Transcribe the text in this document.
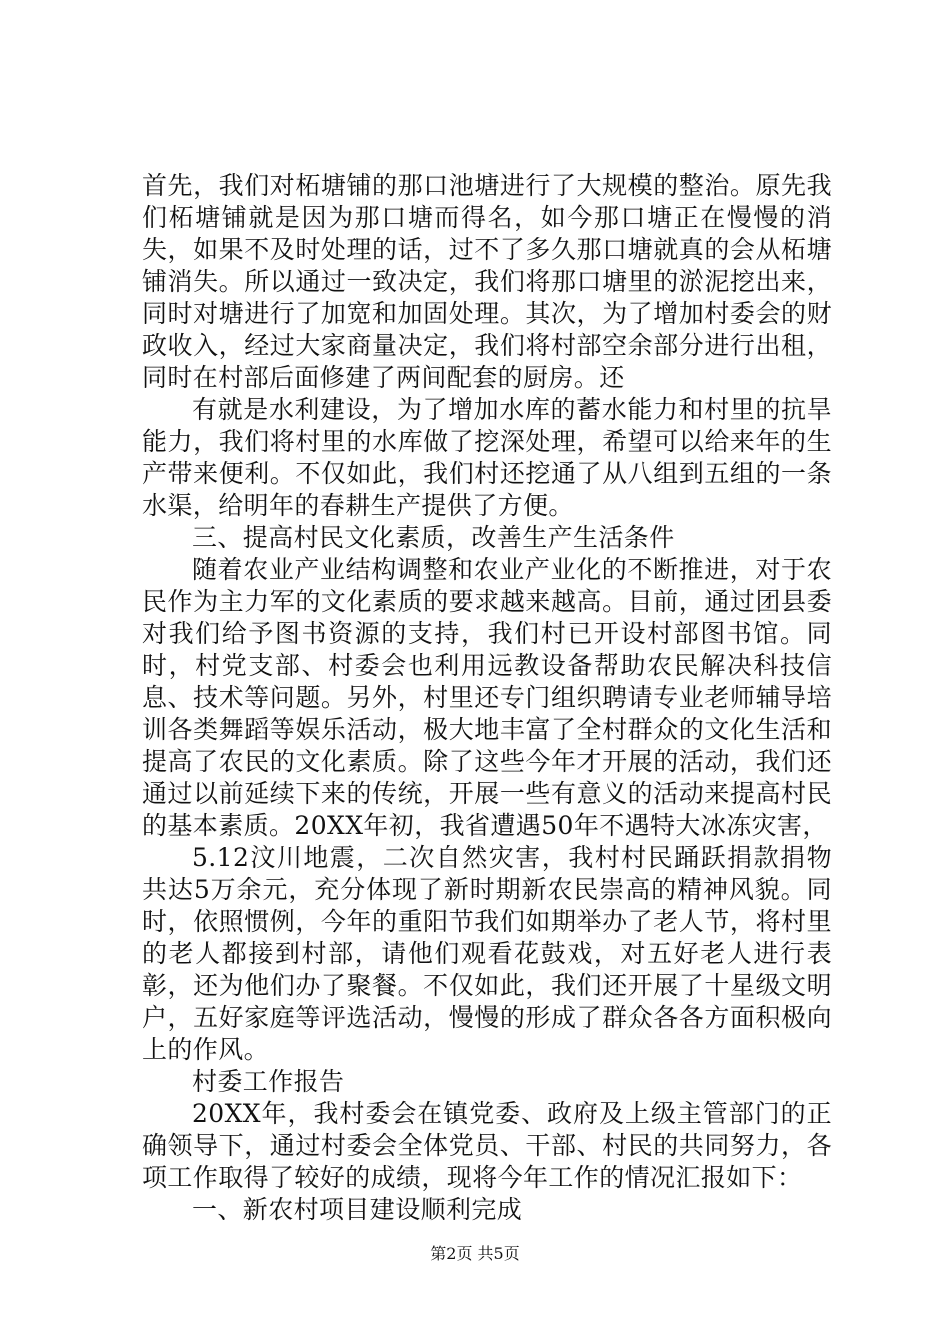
首先，我们对柘塘铺的那口池塘进行了大规模的整治。原先我们柘塘铺就是因为那口塘而得名，如今那口塘正在慢慢的消失，如果不及时处理的话，过不了多久那口塘就真的会从柘塘铺消失。所以通过一致决定，我们将那口塘里的淤泥挖出来，同时对塘进行了加宽和加固处理。其次，为了增加村委会的财政收入，经过大家商量决定，我们将村部空余部分进行出租，同时在村部后面修建了两间配套的厨房。还

有就是水利建设，为了增加水库的蓄水能力和村里的抗旱能力，我们将村里的水库做了挖深处理，希望可以给来年的生产带来便利。不仅如此，我们村还挖通了从八组到五组的一条水渠，给明年的春耕生产提供了方便。

三、提高村民文化素质，改善生产生活条件

随着农业产业结构调整和农业产业化的不断推进，对于农民作为主力军的文化素质的要求越来越高。目前，通过团县委对我们给予图书资源的支持，我们村已开设村部图书馆。同时，村党支部、村委会也利用远教设备帮助农民解决科技信息、技术等问题。另外，村里还专门组织聘请专业老师辅导培训各类舞蹈等娱乐活动，极大地丰富了全村群众的文化生活和提高了农民的文化素质。除了这些今年才开展的活动，我们还通过以前延续下来的传统，开展一些有意义的活动来提高村民的基本素质。20XX年初，我省遭遇50年不遇特大冰冻灾害，

5.12汶川地震，二次自然灾害，我村村民踊跃捐款捐物共达5万余元，充分体现了新时期新农民崇高的精神风貌。同时，依照惯例，今年的重阳节我们如期举办了老人节，将村里的老人都接到村部，请他们观看花鼓戏，对五好老人进行表彰，还为他们办了聚餐。不仅如此，我们还开展了十星级文明户，五好家庭等评选活动，慢慢的形成了群众各各方面积极向上的作风。

村委工作报告

20XX年，我村委会在镇党委、政府及上级主管部门的正确领导下，通过村委会全体党员、干部、村民的共同努力，各项工作取得了较好的成绩，现将今年工作的情况汇报如下：

一、新农村项目建设顺利完成

第2页 共5页
